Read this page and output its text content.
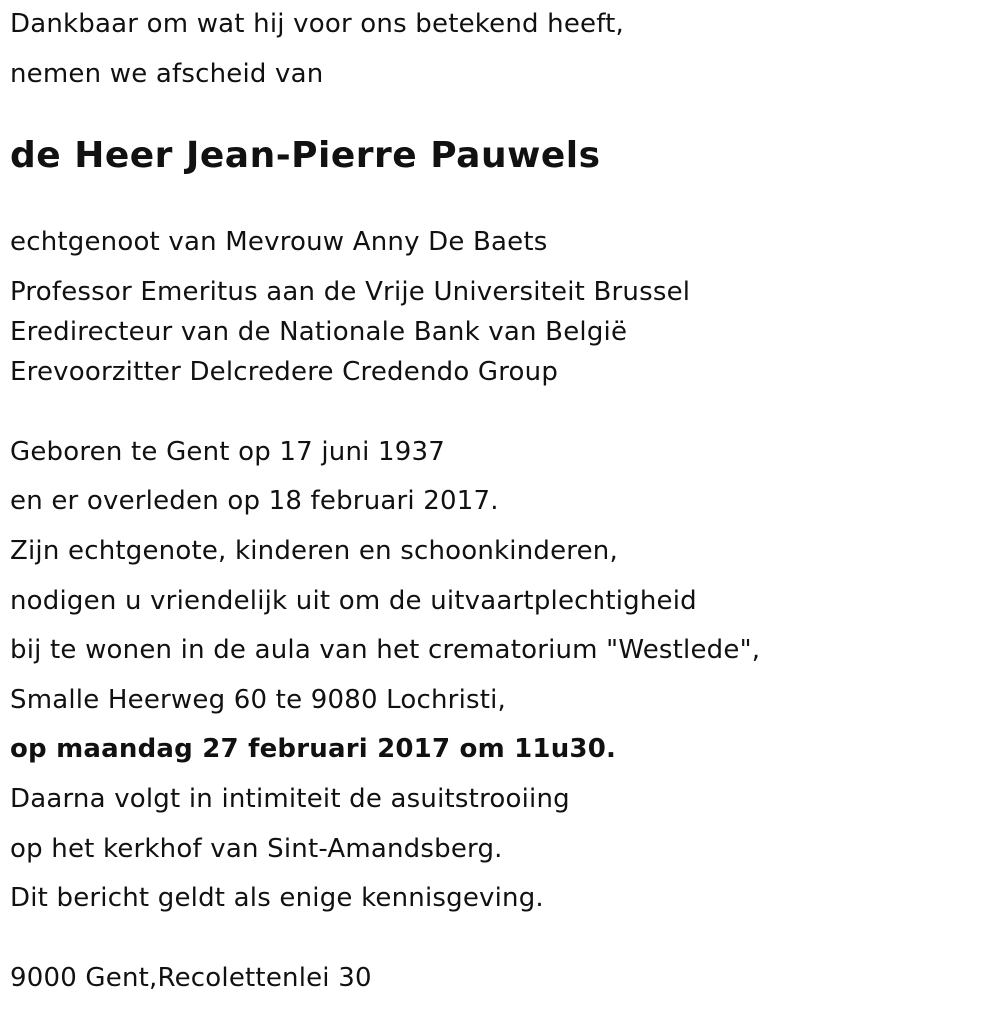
Dankbaar om wat hij voor ons betekend heeft,
nemen we afscheid van
de Heer Jean-Pierre Pauwels
echtgenoot van Mevrouw Anny De Baets
Professor Emeritus aan de Vrije Universiteit Brussel
Eredirecteur van de Nationale Bank van België
Erevoorzitter Delcredere Credendo Group
Geboren te Gent op 17 juni 1937
en er overleden op 18 februari 2017.
Zijn echtgenote, kinderen en schoonkinderen,
nodigen u vriendelijk uit om de uitvaartplechtigheid
bij te wonen in de aula van het crematorium "Westlede",
Smalle Heerweg 60 te 9080 Lochristi,
op maandag 27 februari 2017 om 11u30.
Daarna volgt in intimiteit de asuitstrooiing
op het kerkhof van Sint-Amandsberg.
Dit bericht geldt als enige kennisgeving.
9000 Gent,Recolettenlei 30
